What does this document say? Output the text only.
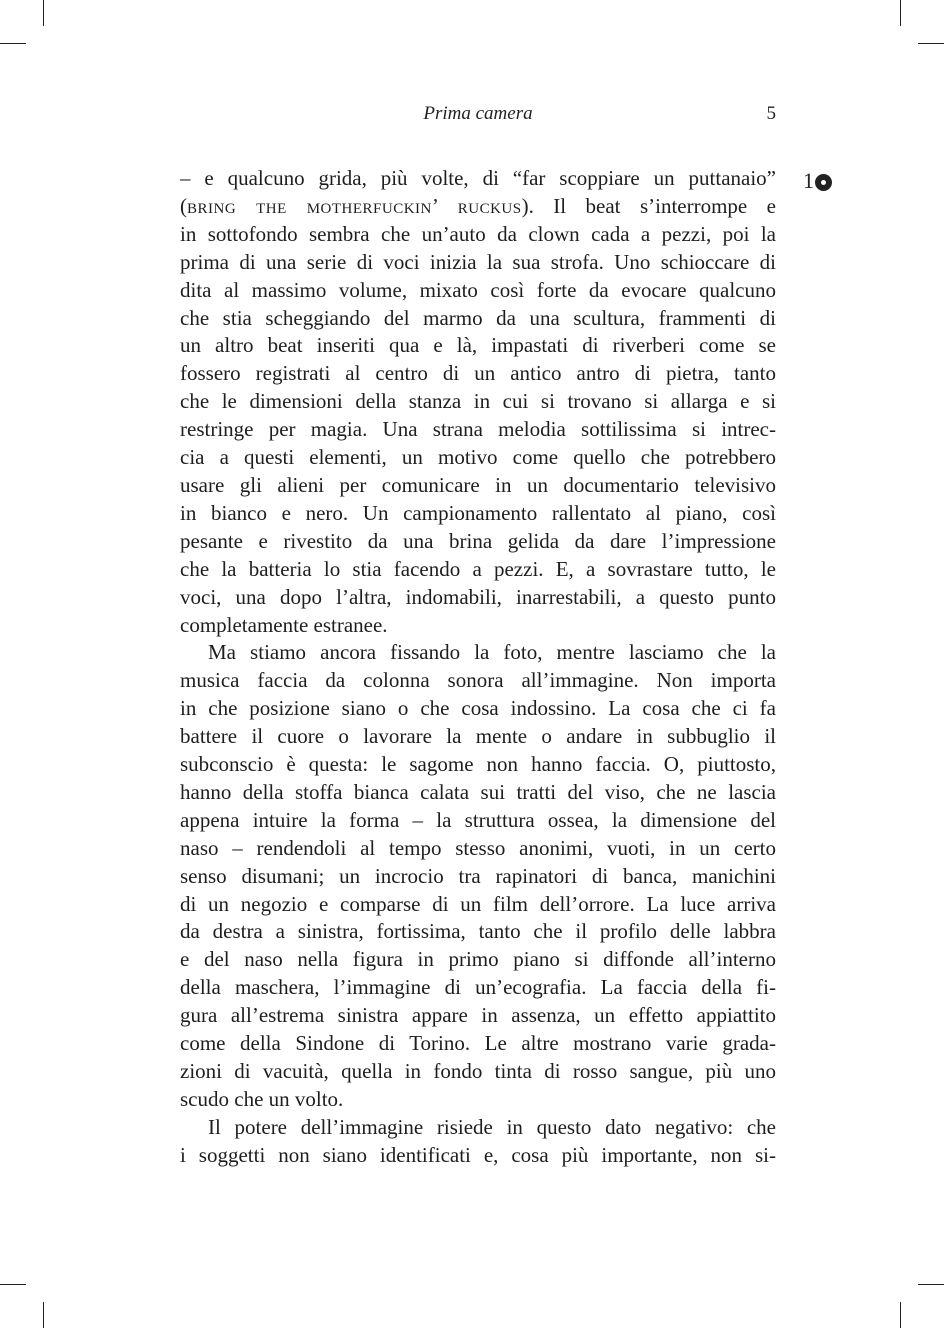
Prima camera	5
1
– e qualcuno grida, più volte, di “far scoppiare un puttanaio”
(bring the motherfuckin’ ruckus). Il beat s’interrompe e
in sottofondo sembra che un’auto da clown cada a pezzi, poi la
prima di una serie di voci inizia la sua strofa. Uno schioccare di
dita al massimo volume, mixato così forte da evocare qualcuno
che stia scheggiando del marmo da una scultura, frammenti di
un altro beat inseriti qua e là, impastati di riverberi come se
fossero registrati al centro di un antico antro di pietra, tanto
che le dimensioni della stanza in cui si trovano si allarga e si
restringe per magia. Una strana melodia sottilissima si intrec-
cia a questi elementi, un motivo come quello che potrebbero
usare gli alieni per comunicare in un documentario televisivo
in bianco e nero. Un campionamento rallentato al piano, così
pesante e rivestito da una brina gelida da dare l’impressione
che la batteria lo stia facendo a pezzi. E, a sovrastare tutto, le
voci, una dopo l’altra, indomabili, inarrestabili, a questo punto
completamente estranee.
Ma stiamo ancora fissando la foto, mentre lasciamo che la
musica faccia da colonna sonora all’immagine. Non importa
in che posizione siano o che cosa indossino. La cosa che ci fa
battere il cuore o lavorare la mente o andare in subbuglio il
subconscio è questa: le sagome non hanno faccia. O, piuttosto,
hanno della stoffa bianca calata sui tratti del viso, che ne lascia
appena intuire la forma – la struttura ossea, la dimensione del
naso – rendendoli al tempo stesso anonimi, vuoti, in un certo
senso disumani; un incrocio tra rapinatori di banca, manichini
di un negozio e comparse di un film dell’orrore. La luce arriva
da destra a sinistra, fortissima, tanto che il profilo delle labbra
e del naso nella figura in primo piano si diffonde all’interno
della maschera, l’immagine di un’ecografia. La faccia della fi-
gura all’estrema sinistra appare in assenza, un effetto appiattito
come della Sindone di Torino. Le altre mostrano varie grada-
zioni di vacuità, quella in fondo tinta di rosso sangue, più uno
scudo che un volto.
Il potere dell’immagine risiede in questo dato negativo: che
i soggetti non siano identificati e, cosa più importante, non si-
